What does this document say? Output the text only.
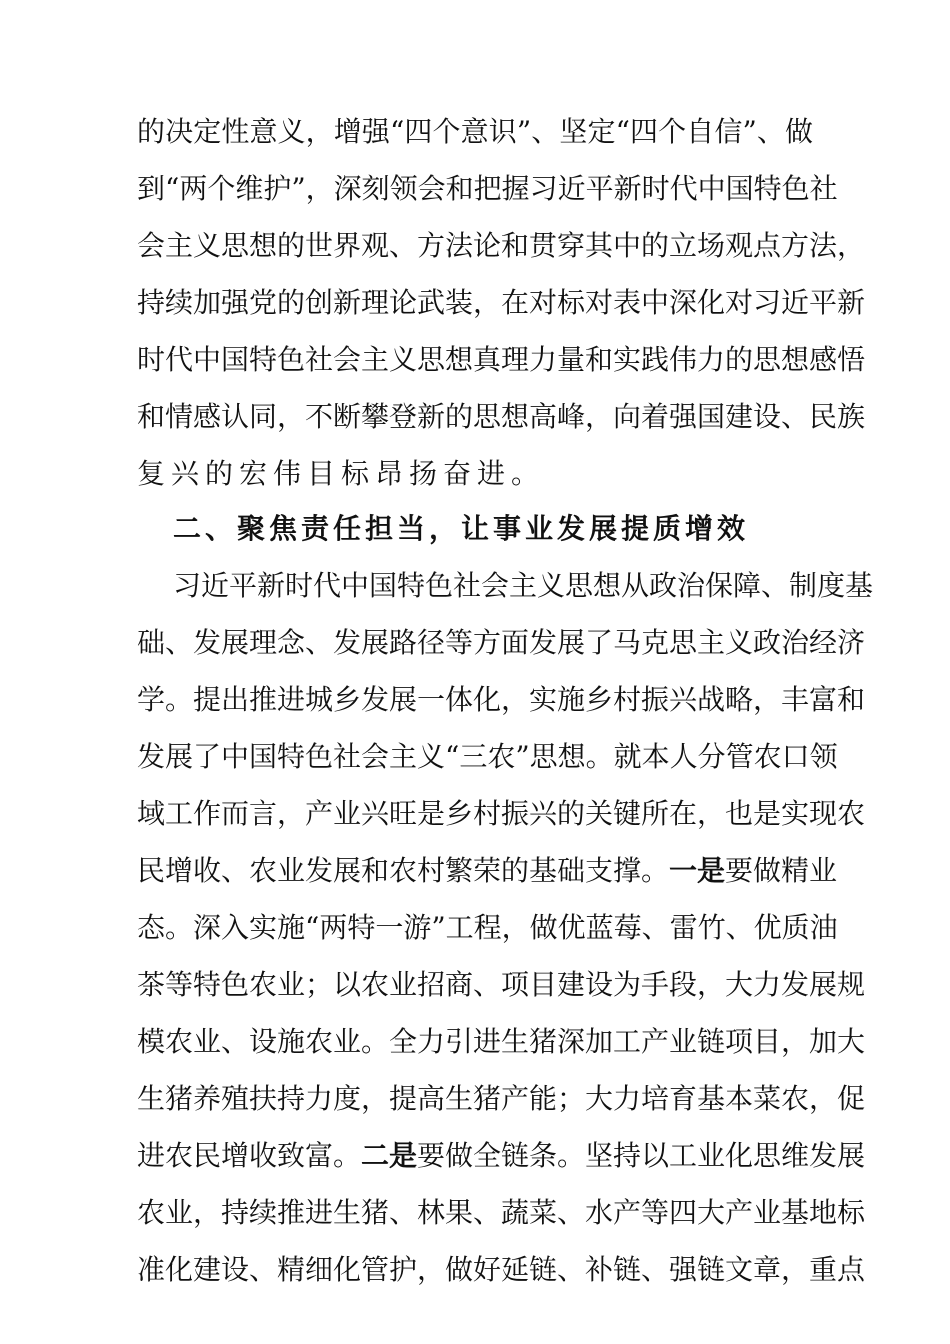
的决定性意义，增强“四个意识”、坚定“四个自信”、做
到“两个维护”，深刻领会和把握习近平新时代中国特色社
会主义思想的世界观、方法论和贯穿其中的立场观点方法，
持续加强党的创新理论武装，在对标对表中深化对习近平新
时代中国特色社会主义思想真理力量和实践伟力的思想感悟
和情感认同，不断攀登新的思想高峰，向着强国建设、民族
复兴的宏伟目标昂扬奋进。
二、聚焦责任担当，让事业发展提质增效
习近平新时代中国特色社会主义思想从政治保障、制度基
础、发展理念、发展路径等方面发展了马克思主义政治经济
学。提出推进城乡发展一体化，实施乡村振兴战略，丰富和
发展了中国特色社会主义“三农”思想。就本人分管农口领
域工作而言，产业兴旺是乡村振兴的关键所在，也是实现农
民增收、农业发展和农村繁荣的基础支撑。一是要做精业
态。深入实施“两特一游”工程，做优蓝莓、雷竹、优质油
茶等特色农业；以农业招商、项目建设为手段，大力发展规
模农业、设施农业。全力引进生猪深加工产业链项目，加大
生猪养殖扶持力度，提高生猪产能；大力培育基本菜农，促
进农民增收致富。二是要做全链条。坚持以工业化思维发展
农业，持续推进生猪、林果、蔬菜、水产等四大产业基地标
准化建设、精细化管护，做好延链、补链、强链文章，重点
